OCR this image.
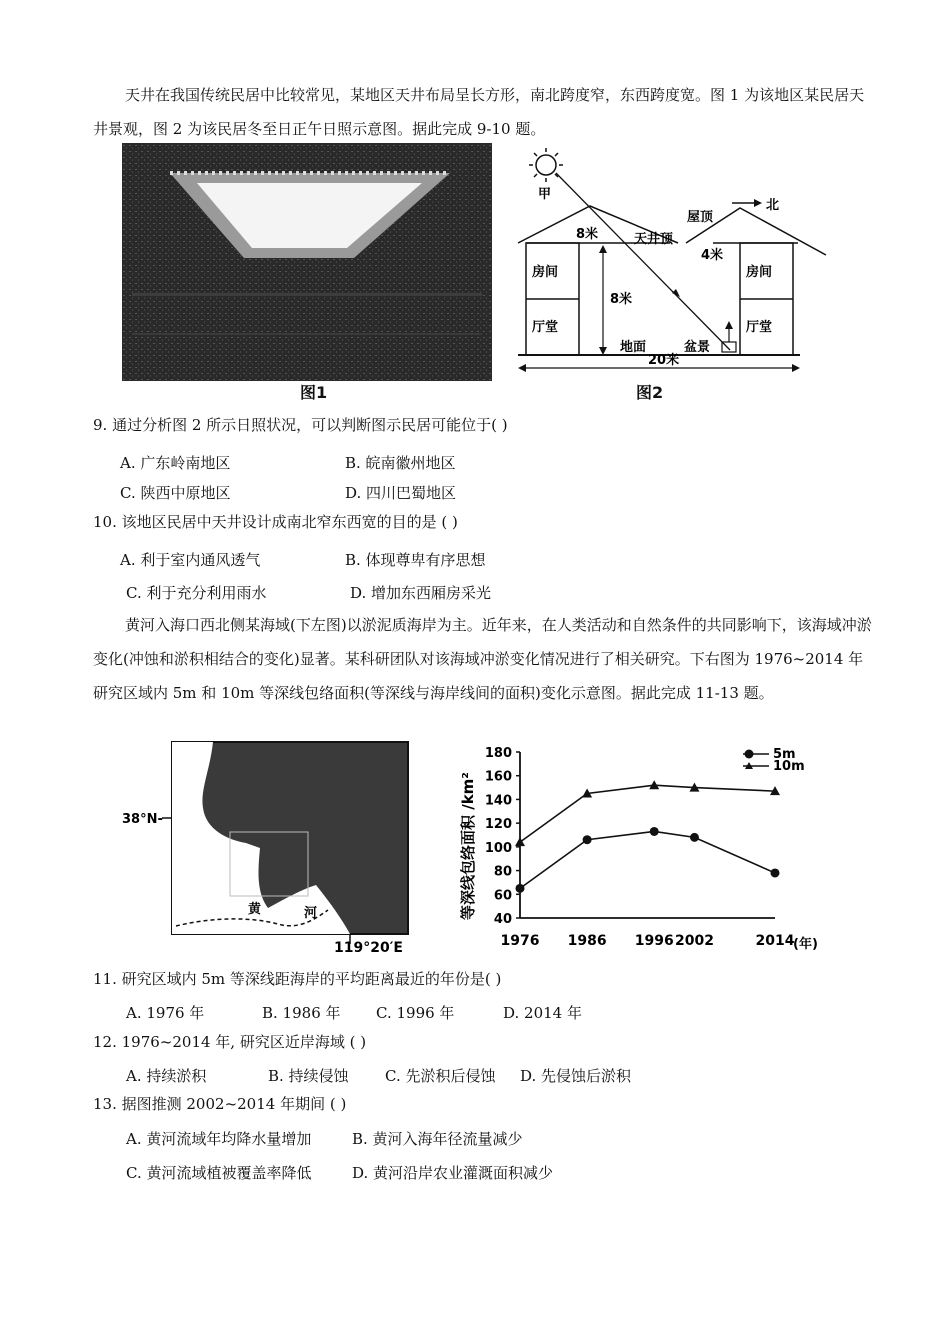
天井在我国传统民居中比较常见，某地区天井布局呈长方形，南北跨度窄，东西跨度宽。图 1 为该地区某民居天井景观，图 2 为该民居冬至日正午日照示意图。据此完成 9-10 题。
图1
甲
8米
房间
厅堂
8米
天井顶
屋顶
4米
房间
厅堂
北
地面	盆景
20米
图2
9. 通过分析图 2 所示日照状况，可以判断图示民居可能位于( )
A. 广东岭南地区	B. 皖南徽州地区
C. 陕西中原地区	D. 四川巴蜀地区
10. 该地区民居中天井设计成南北窄东西宽的目的是 ( )
A. 利于室内通风透气	B. 体现尊卑有序思想
C. 利于充分利用雨水	D. 增加东西厢房采光
黄河入海口西北侧某海域(下左图)以淤泥质海岸为主。近年来，在人类活动和自然条件的共同影响下，该海域冲淤变化(冲蚀和淤积相结合的变化)显著。某科研团队对该海域冲淤变化情况进行了相关研究。下右图为 1976~2014 年研究区域内 5m 和 10m 等深线包络面积(等深线与海岸线间的面积)变化示意图。据此完成 11-13 题。
38°N-
黄	河
119°20′E
等深线包络面积 /km² 40
60
80
100
120
140
160
180
1976 1986 1996 2002	2014
5m
10m
(年)
11. 研究区域内 5m 等深线距海岸的平均距离最近的年份是( )
A. 1976 年	B. 1986 年 C. 1996 年	D. 2014 年
12. 1976~2014 年, 研究区近岸海域 ( )
A. 持续淤积	B. 持续侵蚀 C. 先淤积后侵蚀 D. 先侵蚀后淤积
13. 据图推测 2002~2014 年期间 ( )
A. 黄河流域年均降水量增加	B. 黄河入海年径流量减少
C. 黄河流域植被覆盖率降低	D. 黄河沿岸农业灌溉面积减少
